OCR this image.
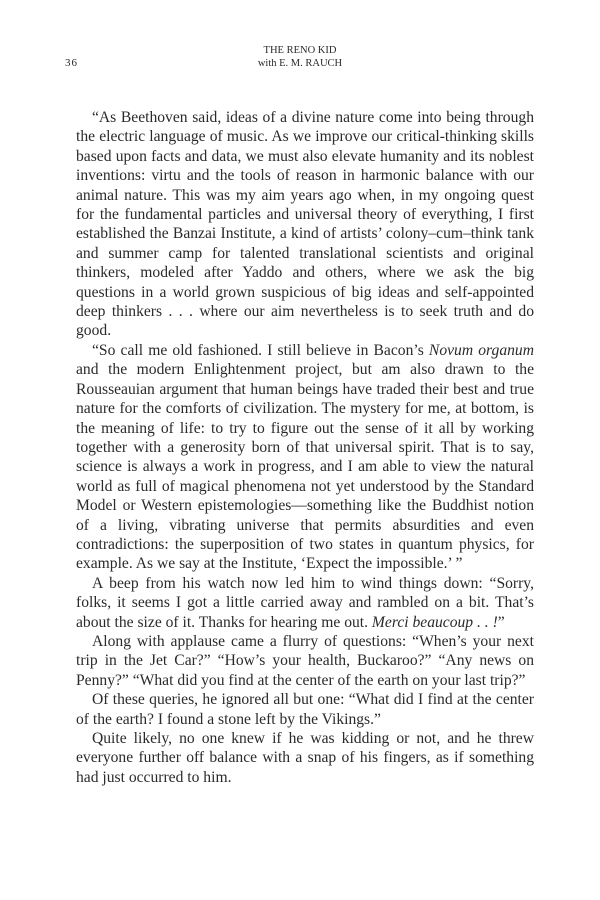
36
THE RENO KID
with E. M. RAUCH

“As Beethoven said, ideas of a divine nature come into being through the electric language of music. As we improve our critical-thinking skills based upon facts and data, we must also elevate humanity and its noblest inventions: virtu and the tools of reason in harmonic balance with our animal nature. This was my aim years ago when, in my ongoing quest for the fundamental particles and universal theory of everything, I first established the Banzai Institute, a kind of artists’ colony–cum–think tank and summer camp for talented translational scientists and original thinkers, modeled after Yaddo and others, where we ask the big questions in a world grown suspicious of big ideas and self-appointed deep thinkers . . . where our aim nevertheless is to seek truth and do good.

“So call me old fashioned. I still believe in Bacon’s Novum organum and the modern Enlightenment project, but am also drawn to the Rousseauian argument that human beings have traded their best and true nature for the comforts of civilization. The mystery for me, at bottom, is the meaning of life: to try to figure out the sense of it all by working together with a generosity born of that universal spirit. That is to say, science is always a work in progress, and I am able to view the natural world as full of magical phenomena not yet understood by the Standard Model or Western epistemologies—something like the Buddhist notion of a living, vibrating universe that permits absurdities and even contradictions: the superposition of two states in quantum physics, for example. As we say at the Institute, ‘Expect the impossible.’ ”

A beep from his watch now led him to wind things down: “Sorry, folks, it seems I got a little carried away and rambled on a bit. That’s about the size of it. Thanks for hearing me out. Merci beaucoup . . !”

Along with applause came a flurry of questions: “When’s your next trip in the Jet Car?” “How’s your health, Buckaroo?” “Any news on Penny?” “What did you find at the center of the earth on your last trip?”

Of these queries, he ignored all but one: “What did I find at the center of the earth? I found a stone left by the Vikings.”

Quite likely, no one knew if he was kidding or not, and he threw everyone further off balance with a snap of his fingers, as if something had just occurred to him.
